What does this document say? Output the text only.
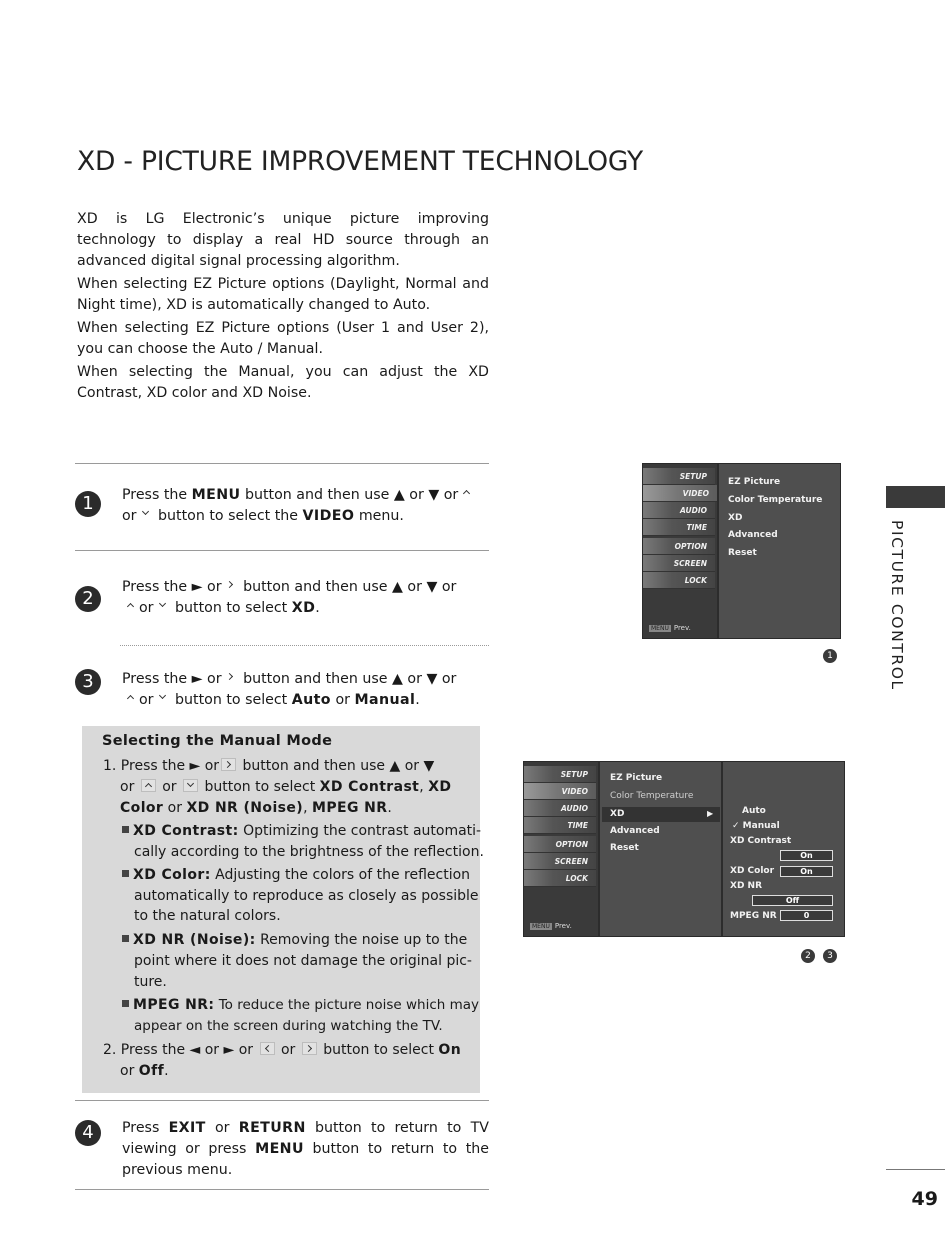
XD - PICTURE IMPROVEMENT TECHNOLOGY

XD is LG Electronic’s unique picture improving technology to display a real HD source through an advanced digital signal processing algorithm.

When selecting EZ Picture options (Daylight, Normal and Night time), XD is automatically changed to Auto.

When selecting EZ Picture options (User 1 and User 2), you can choose the Auto / Manual.

When selecting the Manual, you can adjust the XD Contrast, XD color and XD Noise.

1	Press the MENU button and then use ▲ or ▼ or
or button to select the VIDEO menu.
2
Press the ► or button and then use ▲ or ▼ or
or button to select XD.
3	Press the ► or button and then use ▲ or ▼ or
or button to select Auto or Manual.
Selecting the Manual Mode
1. Press the ► or button and then use ▲ or ▼
or or  button to select XD Contrast, XD
Color or XD NR (Noise), MPEG NR.
XD Contrast: Optimizing the contrast automati-
cally according to the brightness of the reflection.
XD Color: Adjusting the colors of the reflection
automatically to reproduce as closely as possible
to the natural colors.
XD NR (Noise): Removing the noise up to the
point where it does not damage the original pic-
ture.
MPEG NR: To reduce the picture noise which may
appear on the screen during watching the TV.
2. Press the ◄ or ► or or  button to select On
or Off.
4	Press EXIT or RETURN button to return to TV viewing or press MENU button to return to the previous menu.
PICTURE CONTROL
49
SETUP
VIDEO
AUDIO
TIME
OPTION
SCREEN
LOCK
MENU Prev.
EZ Picture
Color Temperature
XD
Advanced
Reset
1
SETUP
VIDEO
AUDIO
TIME
OPTION
SCREEN
LOCK
MENU Prev.
EZ Picture
Color Temperature
XD	▶
Advanced
Reset
Auto
✓ Manual
XD Contrast
On
XD Color	On
XD NR
Off
MPEG NR	0
2	3
